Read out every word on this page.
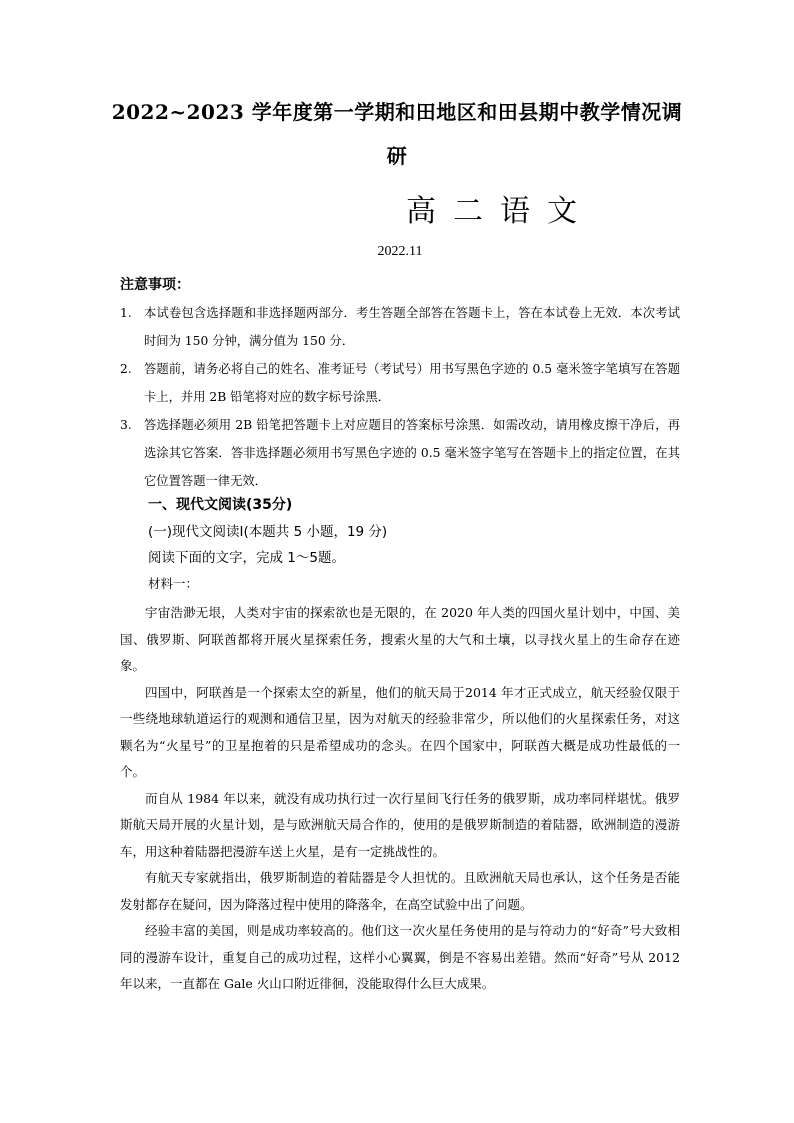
2022~2023 学年度第一学期和田地区和田县期中教学情况调
研
高二语文
2022.11
注意事项：
1. 本试卷包含选择题和非选择题两部分．考生答题全部答在答题卡上，答在本试卷上无效．本次考试时间为 150 分钟，满分值为 150 分．
2. 答题前，请务必将自己的姓名、准考证号（考试号）用书写黑色字迹的 0.5 毫米签字笔填写在答题卡上，并用 2B 铅笔将对应的数字标号涂黑．
3. 答选择题必须用 2B 铅笔把答题卡上对应题目的答案标号涂黑．如需改动，请用橡皮擦干净后，再选涂其它答案．答非选择题必须用书写黑色字迹的 0.5 毫米签字笔写在答题卡上的指定位置，在其它位置答题一律无效．
一、现代文阅读(35分)
(一)现代文阅读Ⅰ(本题共 5 小题，19 分)
阅读下面的文字，完成 1～5题。
材料一：

宇宙浩渺无垠，人类对宇宙的探索欲也是无限的，在 2020 年人类的四国火星计划中，中国、美国、俄罗斯、阿联酋都将开展火星探索任务，搜索火星的大气和土壤，以寻找火星上的生命存在迹象。

四国中，阿联酋是一个探索太空的新星，他们的航天局于2014 年才正式成立，航天经验仅限于一些绕地球轨道运行的观测和通信卫星，因为对航天的经验非常少，所以他们的火星探索任务，对这颗名为“火星号”的卫星抱着的只是希望成功的念头。在四个国家中，阿联酋大概是成功性最低的一个。

而自从 1984 年以来，就没有成功执行过一次行星间飞行任务的俄罗斯，成功率同样堪忧。俄罗斯航天局开展的火星计划，是与欧洲航天局合作的，使用的是俄罗斯制造的着陆器，欧洲制造的漫游车，用这种着陆器把漫游车送上火星，是有一定挑战性的。

有航天专家就指出，俄罗斯制造的着陆器是令人担忧的。且欧洲航天局也承认，这个任务是否能发射都存在疑问，因为降落过程中使用的降落伞，在高空试验中出了问题。

经验丰富的美国，则是成功率较高的。他们这一次火星任务使用的是与符动力的“好奇”号大致相同的漫游车设计，重复自己的成功过程，这样小心翼翼，倒是不容易出差错。然而“好奇”号从 2012 年以来，一直都在 Gale 火山口附近徘徊，没能取得什么巨大成果。
